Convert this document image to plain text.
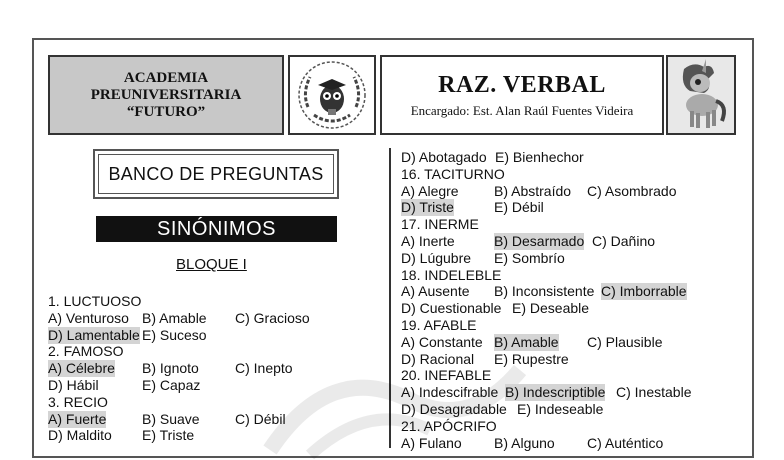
ACADEMIA
PREUNIVERSITARIA
“FUTURO”
RAZ. VERBAL
Encargado: Est. Alan Raúl Fuentes Videira
BANCO DE PREGUNTAS
SINÓNIMOS
BLOQUE I
1. LUCTUOSO
A) Venturoso B) Amable C) Gracioso
D) Lamentable E) Suceso
2. FAMOSO
A) Célebre B) Ignoto	C) Inepto
D) Hábil	E) Capaz
3. RECIO
A) Fuerte	B) Suave	C) Débil
D) Maldito E) Triste
D) Abotagado E) Bienhechor
16. TACITURNO
A) Alegre	B) Abstraído C) Asombrado
D) Triste	E) Débil
17. INERME
A) Inerte	B) Desarmado C) Dañino
D) Lúgubre E) Sombrío
18. INDELEBLE
A) Ausente B) Inconsistente C) Imborrable
D) Cuestionable E) Deseable
19. AFABLE
A) Constante B) Amable C) Plausible
D) Racional E) Rupestre
20. INEFABLE
A) Indescifrable B) Indescriptible C) Inestable
D) Desagradable E) Indeseable
21. APÓCRIFO
A) Fulano B) Alguno C) Auténtico
